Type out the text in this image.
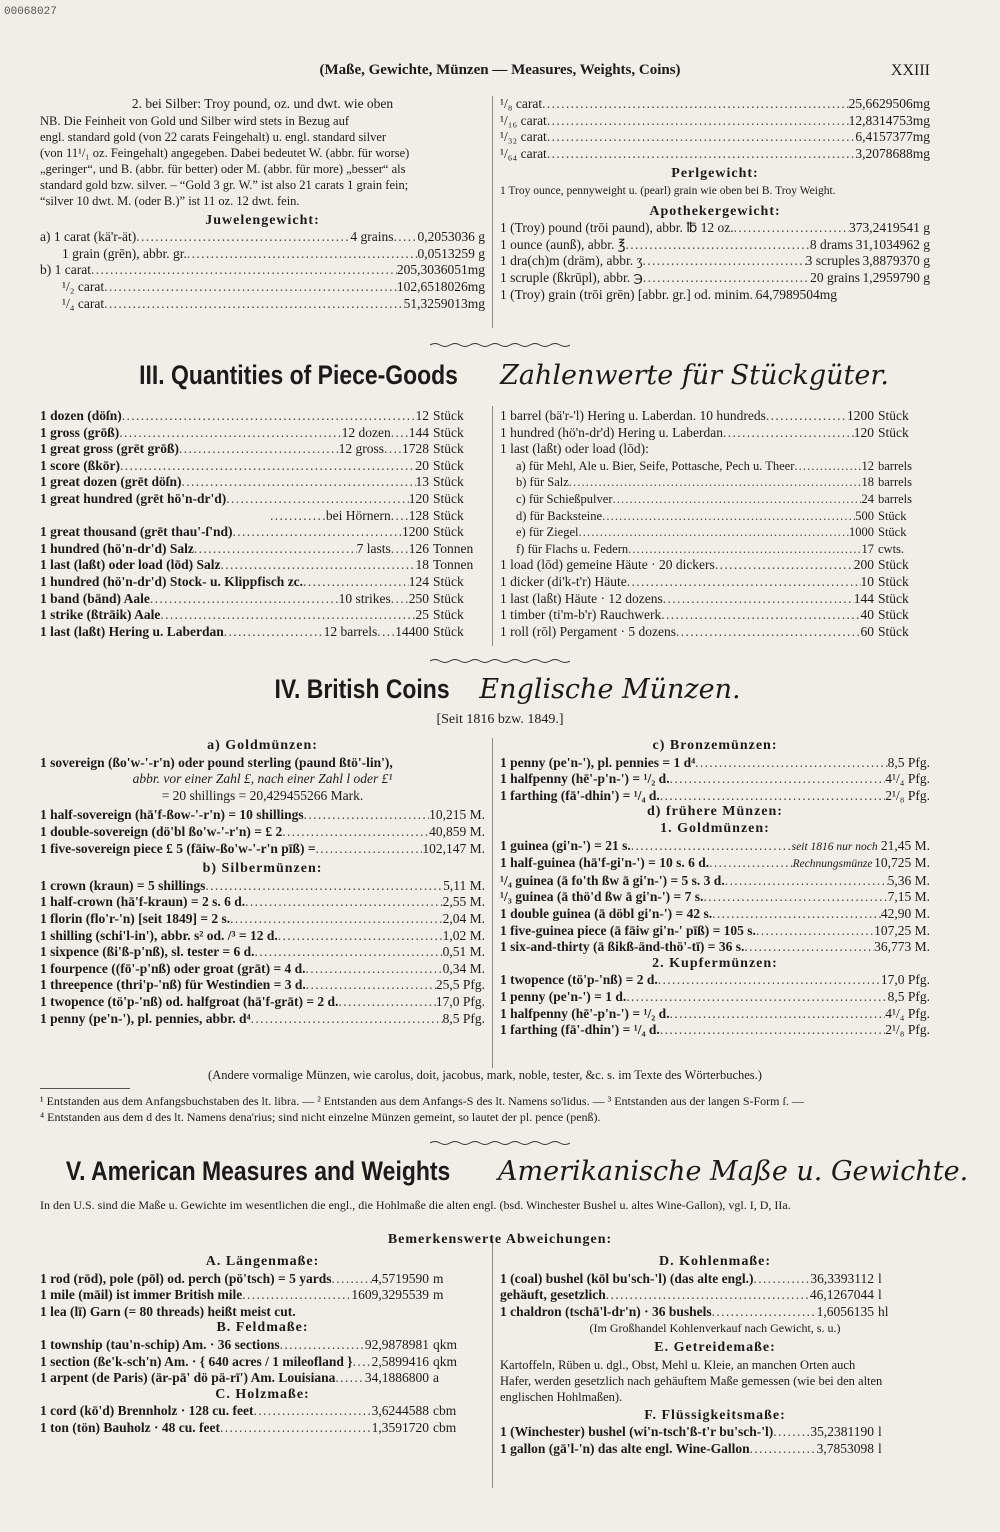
00068027
(Maße, Gewichte, Münzen — Measures, Weights, Coins)	XXIII
2. bei Silber: Troy pound, oz. und dwt. wie oben
NB. Die Feinheit von Gold und Silber wird stets in Bezug auf
engl. standard gold (von 22 carats Feingehalt) u. engl. standard silver
(von 11¹/₁ oz. Feingehalt) angegeben. Dabei bedeutet W. (abbr. für worse)
„geringer“, und B. (abbr. für better) oder M. (abbr. für more) „besser“ als
standard gold bzw. silver. – “Gold 3 gr. W.” ist also 21 carats 1 grain fein;
“silver 10 dwt. M. (oder B.)” ist 11 oz. 12 dwt. fein.
Juwelengewicht:
a) 1 carat (kä'r-ät) . . .	4 grains . . . 0,2053036 g
1 grain (grēn), abbr. gr. . . .	0,0513259 g
b) 1 carat . . .	205,3036051mg
¹/₂ carat . . .	102,6518026mg
¹/₄ carat . . .	51,3259013mg
¹/₈ carat . . .	25,6629506mg
¹/₁₆ carat . . .	12,8314753mg
¹/₃₂ carat . . .	6,4157377mg
¹/₆₄ carat . . .	3,2078688mg
Perlgewicht:
1 Troy ounce, pennyweight u. (pearl) grain wie oben bei B. Troy Weight.
Apothekergewicht:
1 (Troy) pound (trōi paund), abbr. ℔ 12 oz. . . .	373,2419541 g
1 ounce (aunß), abbr. ℥ . . .	8 drams 31,1034962 g
1 dra(ch)m (dräm), abbr. ʒ . . .	3 scruples 3,8879370 g
1 scruple (ßkrūpl), abbr. ℈ . . .	20 grains 1,2959790 g
1 (Troy) grain (trōi grēn) [abbr. gr.] od. minim . . . 64,7989504mg
III. Quantities of Piece-Goods Zahlenwerte für Stückgüter.
1 dozen (döſn) . . .	12 Stück
1 gross (grōß) . . .	12 dozen . . . 144 Stück
1 great gross (grēt grōß) . . .	12 gross . . . 1728 Stück
1 score (ßkōr) . . .	20 Stück
1 great dozen (grēt döſn) . . .	13 Stück
1 great hundred (grēt hö'n-dr'd) . . .	120 Stück
. . .
bei Hörnern . . . 128 Stück
1 great thousand (grēt thau'-ſ'nd) . . .	1200 Stück
1 hundred (hö'n-dr'd) Salz . . .	7 lasts . . . 126 Tonnen
1 last (laßt) oder load (lōd) Salz . . .	18 Tonnen
1 hundred (hö'n-dr'd) Stock- u. Klippfisch zc. . . .	124 Stück
1 band (bänd) Aale . . .	10 strikes . . . 250 Stück
1 strike (ßtrāik) Aale . . .	25 Stück
1 last (laßt) Hering u. Laberdan . . .	12 barrels . . . 14400 Stück
1 barrel (bä'r-'l) Hering u. Laberdan. 10 hundreds . . .	1200 Stück
1 hundred (hö'n-dr'd) Hering u. Laberdan . . .	120 Stück
1 last (laßt) oder load (lōd):
a) für Mehl, Ale u. Bier, Seife, Pottasche, Pech u. Theer . . .	12 barrels
b) für Salz . . .	18 barrels
c) für Schießpulver . . .	24 barrels
d) für Backsteine . . .	500 Stück
e) für Ziegel . . .	1000 Stück
f) für Flachs u. Federn . . .	17 cwts.
1 load (lōd) gemeine Häute · 20 dickers . . .	200 Stück
1 dicker (di'k-t'r) Häute . . .	10 Stück
1 last (laßt) Häute · 12 dozens . . .	144 Stück
1 timber (ti'm-b'r) Rauchwerk . . .	40 Stück
1 roll (rōl) Pergament · 5 dozens . . .	60 Stück
IV. British Coins Englische Münzen.
[Seit 1816 bzw. 1849.]
a) Goldmünzen:
1 sovereign (ßo'w-'-r'n) oder pound sterling (paund ßtö'-lin'),
abbr. vor einer Zahl £, nach einer Zahl l oder £¹
= 20 shillings = 20,429455266 Mark.
1 half-sovereign (hā'f-ßow-'-r'n) = 10 shillings . . .	10,215 M.
1 double-sovereign (dö'bl ßo'w-'-r'n) = £ 2 . . .	40,859 M.
1 five-sovereign piece £ 5 (fāiw-ßo'w-'-r'n pīß) = . . .	102,147 M.
b) Silbermünzen:
1 crown (kraun) = 5 shillings . . .	5,11 M.
1 half-crown (hā'f-kraun) = 2 s. 6 d. . . .	2,55 M.
1 florin (flo'r-'n) [seit 1849] = 2 s. . . .	2,04 M.
1 shilling (schi'l-in'), abbr. s² od. /³ = 12 d. . . .	1,02 M.
1 sixpence (ßi'ß-p'nß), sl. tester = 6 d. . . .	0,51 M.
1 fourpence ((fō'-p'nß) oder groat (grāt) = 4 d. . . .	0,34 M.
1 threepence (thri'p-'nß) für Westindien = 3 d. . . .	25,5 Pfg.
1 twopence (tö'p-'nß) od. halfgroat (hā'f-grāt) = 2 d. . . .	17,0 Pfg.
1 penny (pe'n-'), pl. pennies, abbr. d⁴ . . .	8,5 Pfg.
c) Bronzemünzen:
1 penny (pe'n-'), pl. pennies = 1 d⁴ . . .	8,5 Pfg.
1 halfpenny (hē'-p'n-') = ¹/₂ d. . . .	4¹/₄ Pfg.
1 farthing (fā'-dhin') = ¹/₄ d. . . .	2¹/₈ Pfg.
d) frühere Münzen:
1. Goldmünzen:
1 guinea (gi'n-') = 21 s. . . .	seit 1816 nur noch 21,45 M.
1 half-guinea (hā'f-gi'n-') = 10 s. 6 d. . . .	Rechnungsmünze 10,725 M.
¹/₄ guinea (ā fo'th ßw ā gi'n-') = 5 s. 3 d. . . .	5,36 M.
¹/₃ guinea (ā thö'd ßw ā gi'n-') = 7 s. . . .	7,15 M.
1 double guinea (ā döbl gi'n-') = 42 s. . . .	42,90 M.
1 five-guinea piece (ā fāiw gi'n-' pīß) = 105 s. . . .	107,25 M.
1 six-and-thirty (ā ßikß-änd-thö'-tī) = 36 s. . . .	36,773 M.
2. Kupfermünzen:
1 twopence (tö'p-'nß) = 2 d. . . .	17,0 Pfg.
1 penny (pe'n-') = 1 d. . . .	8,5 Pfg.
1 halfpenny (hē'-p'n-') = ¹/₂ d. . . .	4¹/₄ Pfg.
1 farthing (fā'-dhin') = ¹/₄ d. . . .	2¹/₈ Pfg.
(Andere vormalige Münzen, wie carolus, doit, jacobus, mark, noble, tester, &c. s. im Texte des Wörterbuches.)
¹ Entstanden aus dem Anfangsbuchstaben des lt. libra. — ² Entstanden aus dem Anfangs-S des lt. Namens so'lidus. — ³ Entstanden aus der langen S-Form ſ. —
⁴ Entstanden aus dem d des lt. Namens dena'rius; sind nicht einzelne Münzen gemeint, so lautet der pl. pence (penß).
V. American Measures and Weights Amerikanische Maße u. Gewichte.
In den U.S. sind die Maße u. Gewichte im wesentlichen die engl., die Hohlmaße die alten engl. (bsd. Winchester Bushel u. altes Wine-Gallon), vgl. I, D, IIa.
Bemerkenswerte Abweichungen:
A. Längenmaße:
1 rod (rōd), pole (pōl) od. perch (pö'tsch) = 5 yards . . .	4,5719590 m
1 mile (māil) ist immer British mile . . .	1609,3295539 m
1 lea (lī) Garn (= 80 threads) heißt meist cut.
B. Feldmaße:
1 township (tau'n-schip) Am. · 36 sections . . .	92,9878981 qkm
1 section (ße'k-sch'n) Am. · { 640 acres / 1 mileofland } . . . 2,5899416 qkm
1 arpent (de Paris) (är-pā' dö pä-rī') Am. Louisiana . . . 34,1886800 a
C. Holzmaße:
1 cord (kō'd) Brennholz · 128 cu. feet . . .	3,6244588 cbm
1 ton (tön) Bauholz · 48 cu. feet . . .	1,3591720 cbm
D. Kohlenmaße:
1 (coal) bushel (kōl bu'sch-'l) (das alte engl.) . . .	36,3393112 l
gehäuft, gesetzlich . . .	46,1267044 l
1 chaldron (tschā'l-dr'n) · 36 bushels . . .	1,6056135 hl
(Im Großhandel Kohlenverkauf nach Gewicht, s. u.)
E. Getreidemaße:
Kartoffeln, Rüben u. dgl., Obst, Mehl u. Kleie, an manchen Orten auch
Hafer, werden gesetzlich nach gehäuftem Maße gemessen (wie bei den alten
englischen Hohlmaßen).
F. Flüssigkeitsmaße:
1 (Winchester) bushel (wi'n-tsch'ß-t'r bu'sch-'l) . . .	35,2381190 l
1 gallon (gā'l-'n) das alte engl. Wine-Gallon . . .	3,7853098 l
